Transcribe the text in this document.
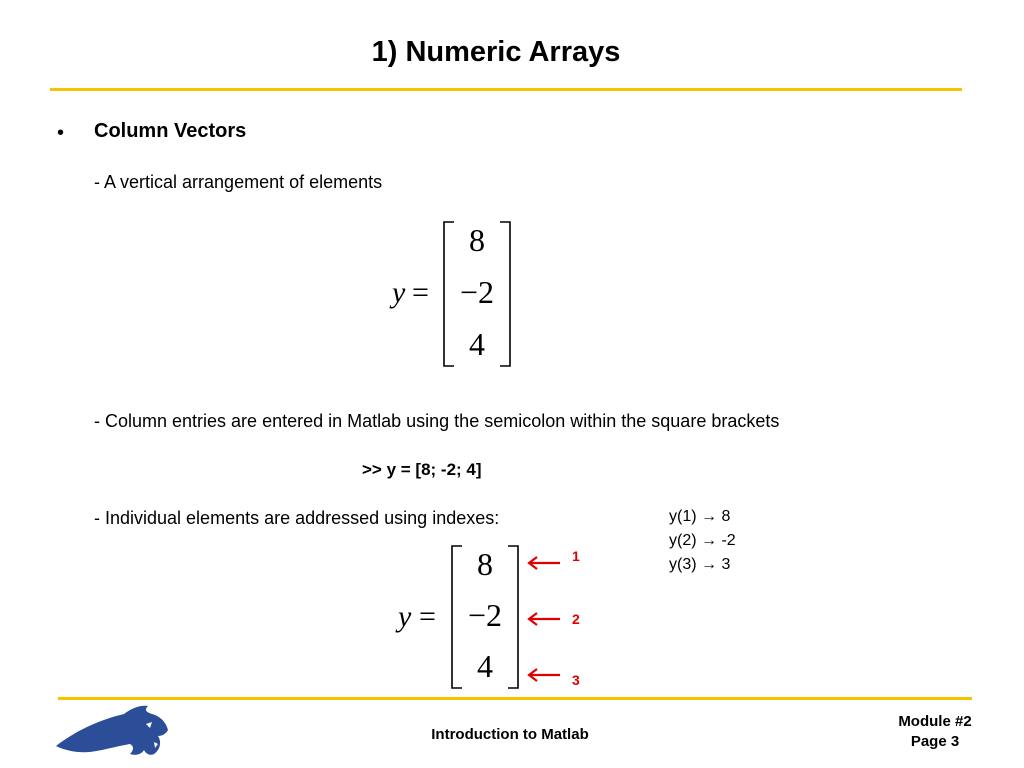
1) Numeric Arrays
• Column Vectors
- A vertical arrangement of elements
y =
8
−2
4
- Column entries are entered in Matlab using the semicolon within the square brackets
>> y = [8; -2; 4]
- Individual elements are addressed using indexes:	y(1) → 8
y(2) → -2
y(3) → 3
y =
8
−2
4
1
2
3
Introduction to Matlab
Module #2
Page 3
